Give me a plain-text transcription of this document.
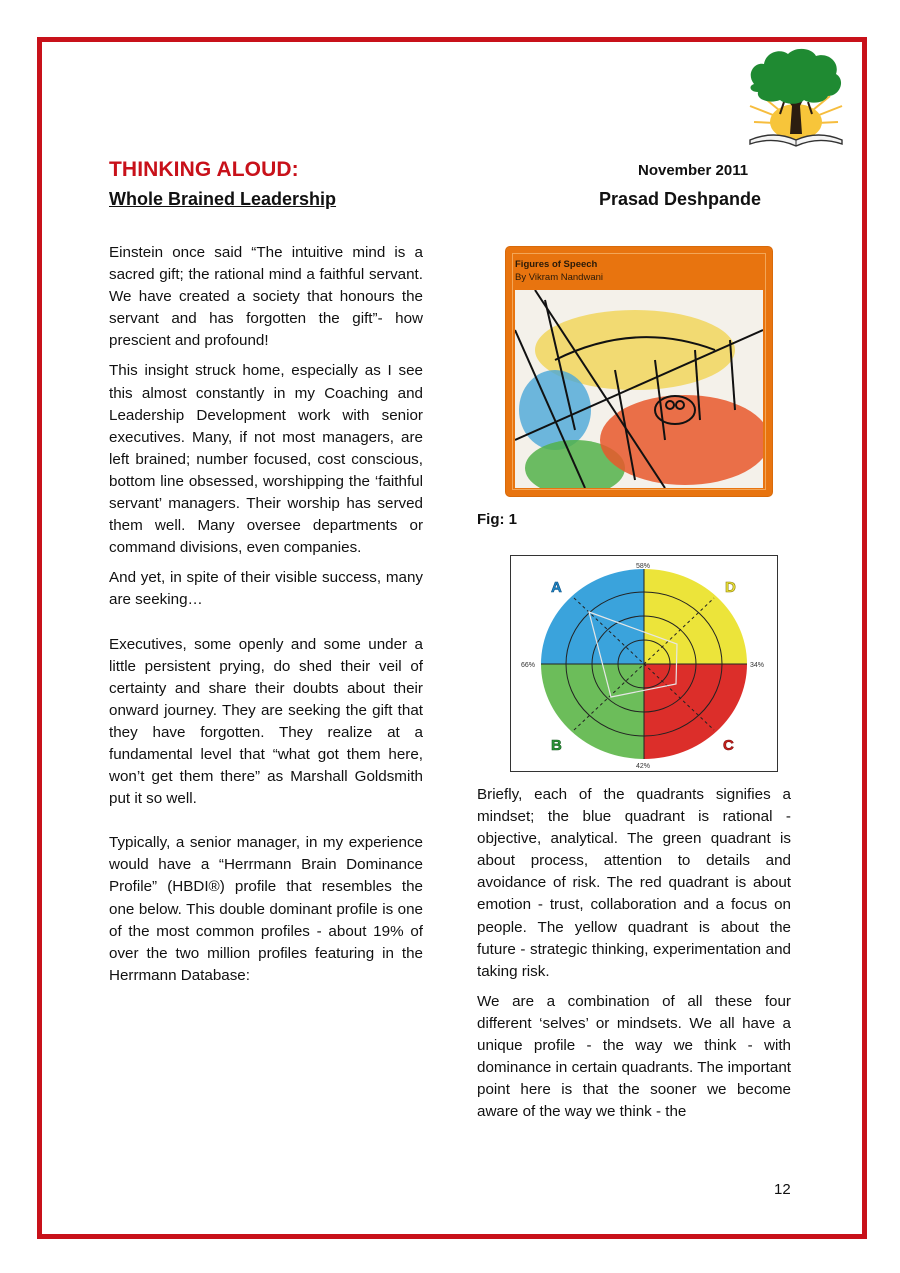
THINKING ALOUD:	November 2011
Whole Brained Leadership	Prasad Deshpande

Einstein once said “The intuitive mind is a sacred gift; the rational mind a faithful servant. We have created a society that honours the servant and has forgotten the gift”- how prescient and profound!

This insight struck home, especially as I see this almost constantly in my Coaching and Leadership Development work with senior executives. Many, if not most managers, are left brained; number focused, cost conscious, bottom line obsessed, worshipping the ‘faithful servant’ managers. Their worship has served them well. Many oversee departments or command divisions, even companies.

And yet, in spite of their visible success, many are seeking…

Executives, some openly and some under a little persistent prying, do shed their veil of certainty and share their doubts about their onward journey. They are seeking the gift that they have forgotten. They realize at a fundamental level that “what got them here, won’t get them there” as Marshall Goldsmith put it so well.

Typically, a senior manager, in my experience would have a “Herrmann Brain Dominance Profile” (HBDI®) profile that resembles the one below. This double dominant profile is one of the most common profiles - about 19% of over the two million profiles featuring in the Herrmann Database:

Figures of Speech
By Vikram Nandwani
Fig: 1
A	D
B	C
58%
66%	34%
42%

Briefly, each of the quadrants signifies a mindset; the blue quadrant is rational - objective, analytical. The green quadrant is about process, attention to details and avoidance of risk. The red quadrant is about emotion - trust, collaboration and a focus on people. The yellow quadrant is about the future - strategic thinking, experimentation and taking risk.

We are a combination of all these four different ‘selves’ or mindsets. We all have a unique profile - the way we think - with dominance in certain quadrants. The important point here is that the sooner we become aware of the way we think - the

12
